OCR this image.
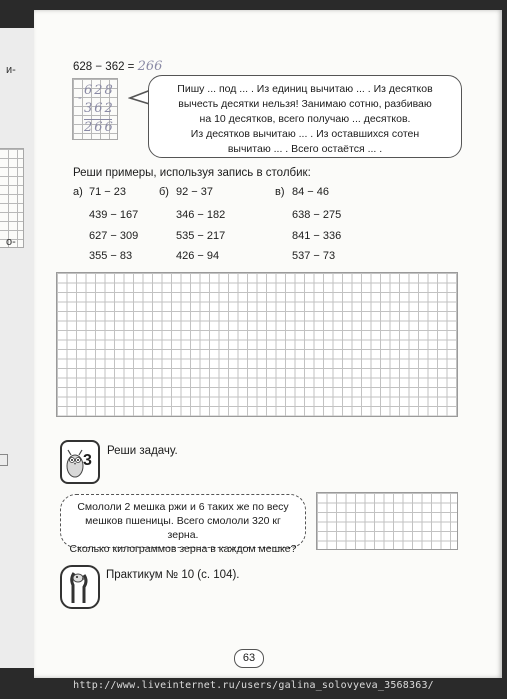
и-
о-
628 − 362 = 266
- 628
362
266
Пишу ... под ... . Из единиц вычитаю ... . Из десятков
вычесть десятки нельзя! Занимаю сотню, разбиваю
на 10 десятков, всего получаю ... десятков.
Из десятков вычитаю ... . Из оставшихся сотен
вычитаю ... . Всего остаётся ... .
Реши примеры, используя запись в столбик:
а) 71 − 23
439 − 167
627 − 309
355 − 83
б) 92 − 37
346 − 182
535 − 217
426 − 94
в) 84 − 46
638 − 275
841 − 336
537 − 73
3
Реши задачу.
Смололи 2 мешка ржи и 6 таких же по весу
мешков пшеницы. Всего смололи 320 кг зерна.
Сколько килограммов зерна в каждом мешке?
Практикум № 10 (с. 104).
63
http://www.liveinternet.ru/users/galina_solovyeva_3568363/
